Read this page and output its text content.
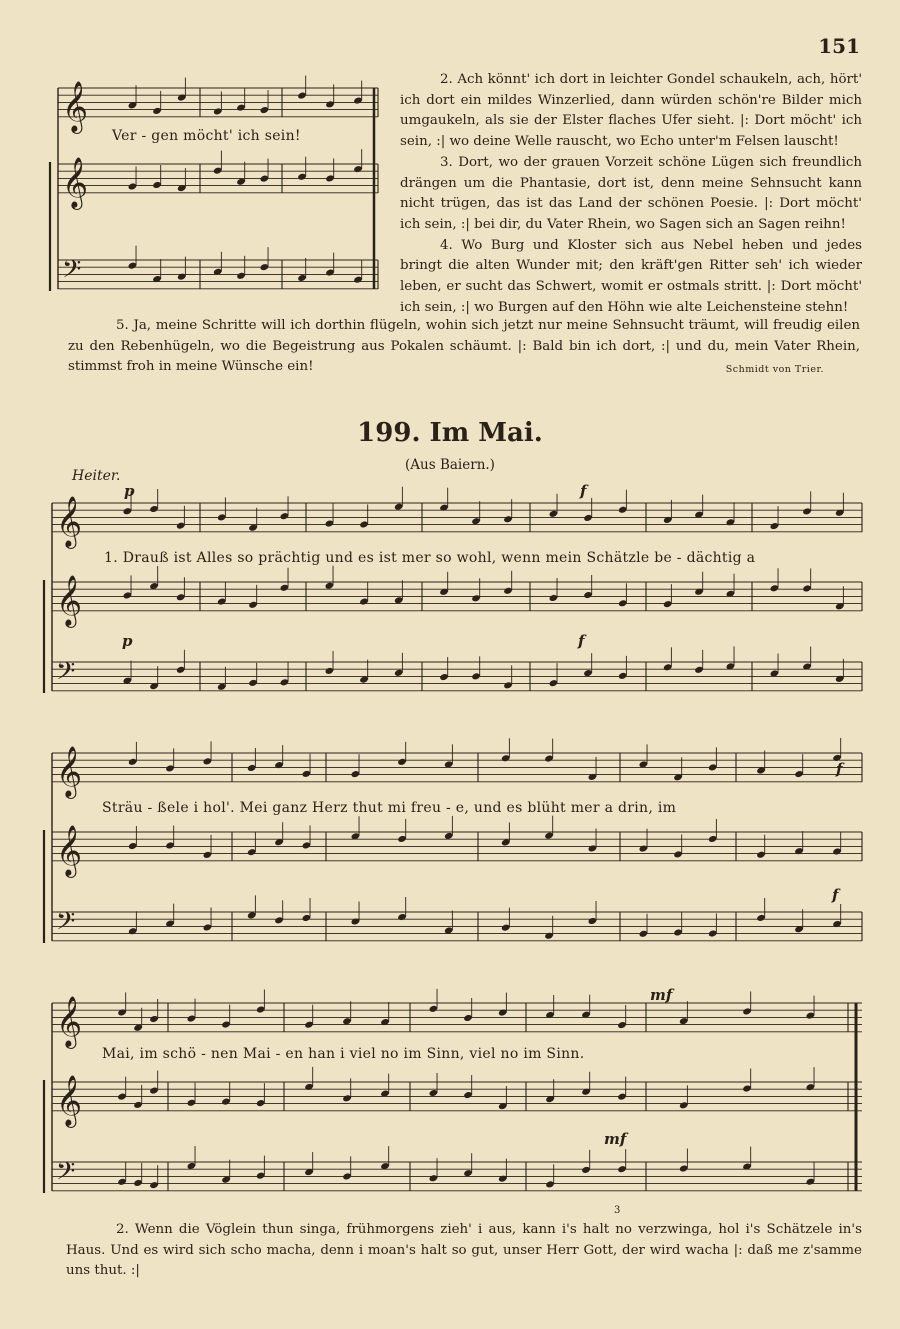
𝄞
𝄞
𝄢
𝄞
𝄞
𝄢
𝄞
𝄞
𝄢
𝄞
𝄞
𝄢
151
Ver - gen möcht' ich sein!

2. Ach könnt' ich dort in leichter Gondel schaukeln, ach, hört' ich dort ein mildes Winzerlied, dann würden schön're Bilder mich umgaukeln, als sie der Elster flaches Ufer sieht. |: Dort möcht' ich sein, :| wo deine Welle rauscht, wo Echo unter'm Felsen lauscht!

3. Dort, wo der grauen Vorzeit schöne Lügen sich freundlich drängen um die Phantasie, dort ist, denn meine Sehnsucht kann nicht trügen, das ist das Land der schönen Poesie. |: Dort möcht' ich sein, :| bei dir, du Vater Rhein, wo Sagen sich an Sagen reihn!

4. Wo Burg und Kloster sich aus Nebel heben und jedes bringt die alten Wunder mit; den kräft'gen Ritter seh' ich wieder leben, er sucht das Schwert, womit er ostmals stritt. |: Dort möcht' ich sein, :| wo Burgen auf den Höhn wie alte Leichensteine stehn!

5. Ja, meine Schritte will ich dorthin flügeln, wohin sich jetzt nur meine Sehnsucht träumt, will freudig eilen zu den Rebenhügeln, wo die Begeistrung aus Pokalen schäumt. |: Bald bin ich dort, :| und du, mein Vater Rhein, stimmst froh in meine Wünsche ein!	Schmidt von Trier.
199. Im Mai.
(Aus Baiern.)
Heiter.
p
p
f
f
f
f
mf
mf
3
1. Drauß ist Alles so prächtig und es ist mer so wohl, wenn mein Schätzle be - dächtig a
Sträu - ßele i hol'. Mei ganz Herz thut mi freu - e, und es blüht mer a drin, im
Mai, im schö - nen Mai - en han i viel no im Sinn, viel no im Sinn.

2. Wenn die Vöglein thun singa, frühmorgens zieh' i aus, kann i's halt no verzwinga, hol i's Schätzele in's Haus. Und es wird sich scho macha, denn i moan's halt so gut, unser Herr Gott, der wird wacha |: daß me z'samme uns thut. :|
